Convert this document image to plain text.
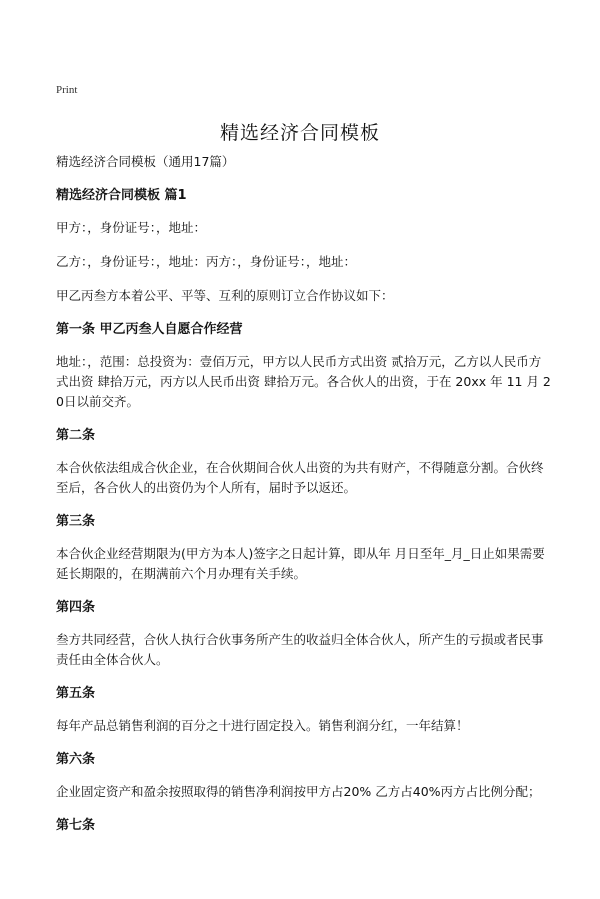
Print
精选经济合同模板

精选经济合同模板（通用17篇）

精选经济合同模板 篇1

甲方：，身份证号：，地址：

乙方：，身份证号：，地址：丙方：，身份证号：，地址：

甲乙丙叁方本着公平、平等、互利的原则订立合作协议如下：

第一条 甲乙丙叁人自愿合作经营

地址：，范围：总投资为：壹佰万元，甲方以人民币方式出资 贰拾万元，乙方以人民币方式出资 肆拾万元，丙方以人民币出资 肆拾万元。各合伙人的出资，于在 20xx 年 11 月 20日以前交齐。

第二条

本合伙依法组成合伙企业，在合伙期间合伙人出资的为共有财产，不得随意分割。合伙终至后，各合伙人的出资仍为个人所有，届时予以返还。

第三条

本合伙企业经营期限为(甲方为本人)签字之日起计算，即从年 月日至年_月_日止如果需要延长期限的，在期满前六个月办理有关手续。

第四条

叁方共同经营，合伙人执行合伙事务所产生的收益归全体合伙人，所产生的亏损或者民事责任由全体合伙人。

第五条

每年产品总销售利润的百分之十进行固定投入。销售利润分红，一年结算！

第六条

企业固定资产和盈余按照取得的销售净利润按甲方占20% 乙方占40%丙方占比例分配；

第七条
